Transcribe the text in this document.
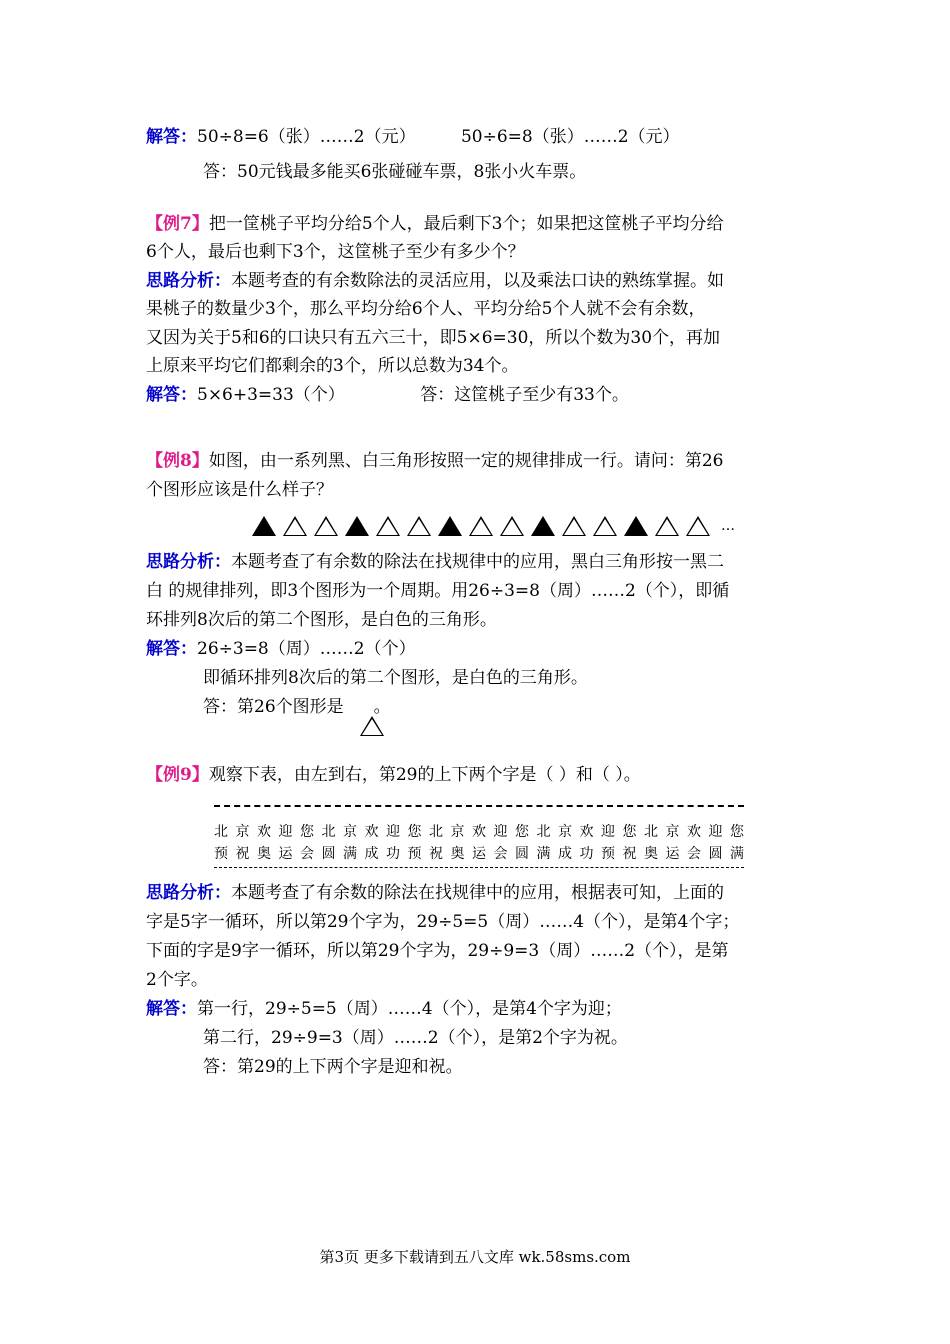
解答：50÷8=6（张）……2（元）	50÷6=8（张）……2（元）
答：50元钱最多能买6张碰碰车票，8张小火车票。
【例7】把一筐桃子平均分给5个人，最后剩下3个；如果把这筐桃子平均分给
6个人，最后也剩下3个，这筐桃子至少有多少个？
思路分析：本题考查的有余数除法的灵活应用，以及乘法口诀的熟练掌握。如
果桃子的数量少3个，那么平均分给6个人、平均分给5个人就不会有余数，
又因为关于5和6的口诀只有五六三十，即5×6=30，所以个数为30个，再加
上原来平均它们都剩余的3个，所以总数为34个。
解答：5×6+3=33（个）	答：这筐桃子至少有33个。
【例8】如图，由一系列黑、白三角形按照一定的规律排成一行。请问：第26
个图形应该是什么样子？
…
思路分析：本题考查了有余数的除法在找规律中的应用，黑白三角形按一黑二
白 的规律排列，即3个图形为一个周期。用26÷3=8（周）……2（个），即循
环排列8次后的第二个图形，是白色的三角形。
解答：26÷3=8（周）……2（个）
即循环排列8次后的第二个图形，是白色的三角形。
答：第26个图形是 。
【例9】观察下表，由左到右，第29的上下两个字是（ ）和（ ）。
北 京 欢 迎 您 北 京 欢 迎 您 北 京 欢 迎 您 北 京 欢 迎 您 北 京 欢 迎 您
预 祝 奥 运 会 圆 满 成 功 预 祝 奥 运 会 圆 满 成 功 预 祝 奥 运 会 圆 满
思路分析：本题考查了有余数的除法在找规律中的应用，根据表可知，上面的
字是5字一循环，所以第29个字为，29÷5=5（周）……4（个），是第4个字；
下面的字是9字一循环，所以第29个字为，29÷9=3（周）……2（个），是第
2个字。
解答：第一行，29÷5=5（周）……4（个），是第4个字为迎；
第二行，29÷9=3（周）……2（个），是第2个字为祝。
答：第29的上下两个字是迎和祝。
第3页 更多下载请到五八文库 wk.58sms.com
